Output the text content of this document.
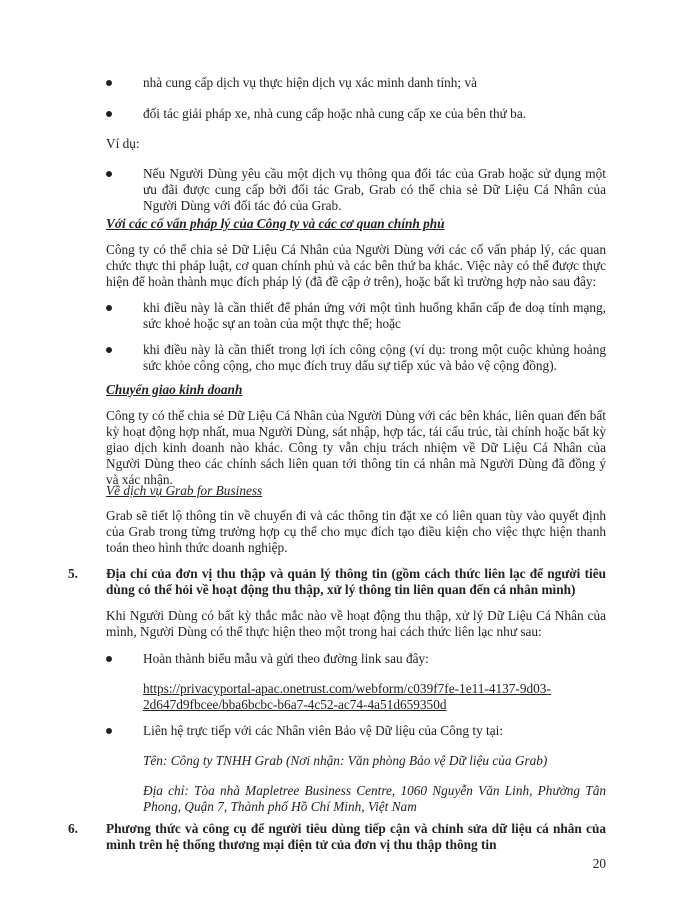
nhà cung cấp dịch vụ thực hiện dịch vụ xác minh danh tính; và
đối tác giải pháp xe, nhà cung cấp hoặc nhà cung cấp xe của bên thứ ba.

Ví dụ:

Nếu Người Dùng yêu cầu một dịch vụ thông qua đối tác của Grab hoặc sử dụng một ưu đãi được cung cấp bởi đối tác Grab, Grab có thể chia sẻ Dữ Liệu Cá Nhân của Người Dùng với đối tác đó của Grab.

Với các cố vấn pháp lý của Công ty và các cơ quan chính phủ

Công ty có thể chia sẻ Dữ Liệu Cá Nhân của Người Dùng với các cố vấn pháp lý, các quan chức thực thi pháp luật, cơ quan chính phủ và các bên thứ ba khác. Việc này có thể được thực hiện để hoàn thành mục đích pháp lý (đã đề cập ở trên), hoặc bất kì trường hợp nào sau đây:

khi điều này là cần thiết để phản ứng với một tình huống khẩn cấp đe doạ tính mạng, sức khoẻ hoặc sự an toàn của một thực thể; hoặc
khi điều này là cần thiết trong lợi ích công cộng (ví dụ: trong một cuộc khủng hoảng sức khỏe công cộng, cho mục đích truy dấu sự tiếp xúc và bảo vệ cộng đồng).

Chuyển giao kinh doanh

Công ty có thể chia sẻ Dữ Liệu Cá Nhân của Người Dùng với các bên khác, liên quan đến bất kỳ hoạt động hợp nhất, mua Người Dùng, sát nhập, hợp tác, tái cấu trúc, tài chính hoặc bất kỳ giao dịch kinh doanh nào khác. Công ty vẫn chịu trách nhiệm về Dữ Liệu Cá Nhân của Người Dùng theo các chính sách liên quan tới thông tin cá nhân mà Người Dùng đã đồng ý và xác nhận.

Về dịch vụ Grab for Business

Grab sẽ tiết lộ thông tin về chuyến đi và các thông tin đặt xe có liên quan tùy vào quyết định của Grab trong từng trường hợp cụ thể cho mục đích tạo điều kiện cho việc thực hiện thanh toán theo hình thức doanh nghiệp.

5. Địa chỉ của đơn vị thu thập và quản lý thông tin (gồm cách thức liên lạc để người tiêu dùng có thể hỏi về hoạt động thu thập, xử lý thông tin liên quan đến cá nhân mình)

Khi Người Dùng có bất kỳ thắc mắc nào về hoạt động thu thập, xử lý Dữ Liệu Cá Nhân của mình, Người Dùng có thể thực hiện theo một trong hai cách thức liên lạc như sau:

Hoàn thành biểu mẫu và gửi theo đường link sau đây:
https://privacyportal-apac.onetrust.com/webform/c039f7fe-1e11-4137-9d03-
2d647d9fbcee/bba6bcbc-b6a7-4c52-ac74-4a51d659350d
Liên hệ trực tiếp với các Nhân viên Bảo vệ Dữ liệu của Công ty tại:

Tên: Công ty TNHH Grab (Nơi nhận: Văn phòng Bảo vệ Dữ liệu của Grab)

Địa chỉ: Tòa nhà Mapletree Business Centre, 1060 Nguyễn Văn Linh, Phường Tân Phong, Quận 7, Thành phố Hồ Chí Minh, Việt Nam

6. Phương thức và công cụ để người tiêu dùng tiếp cận và chỉnh sửa dữ liệu cá nhân của mình trên hệ thống thương mại điện tử của đơn vị thu thập thông tin
20
